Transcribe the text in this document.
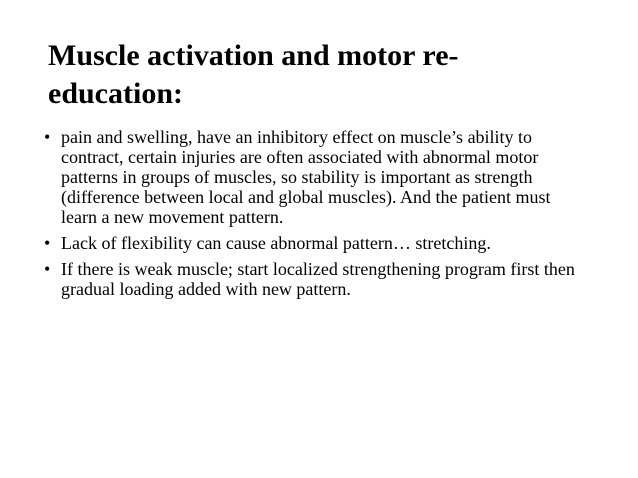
Muscle activation and motor re-education:
• pain and swelling, have an inhibitory effect on muscle’s ability to contract, certain injuries are often associated with abnormal motor patterns in groups of muscles, so stability is important as strength (difference between local and global muscles). And the patient must learn a new movement pattern.
• Lack of flexibility can cause abnormal pattern… stretching.
• If there is weak muscle; start localized strengthening program first then gradual loading added with new pattern.
